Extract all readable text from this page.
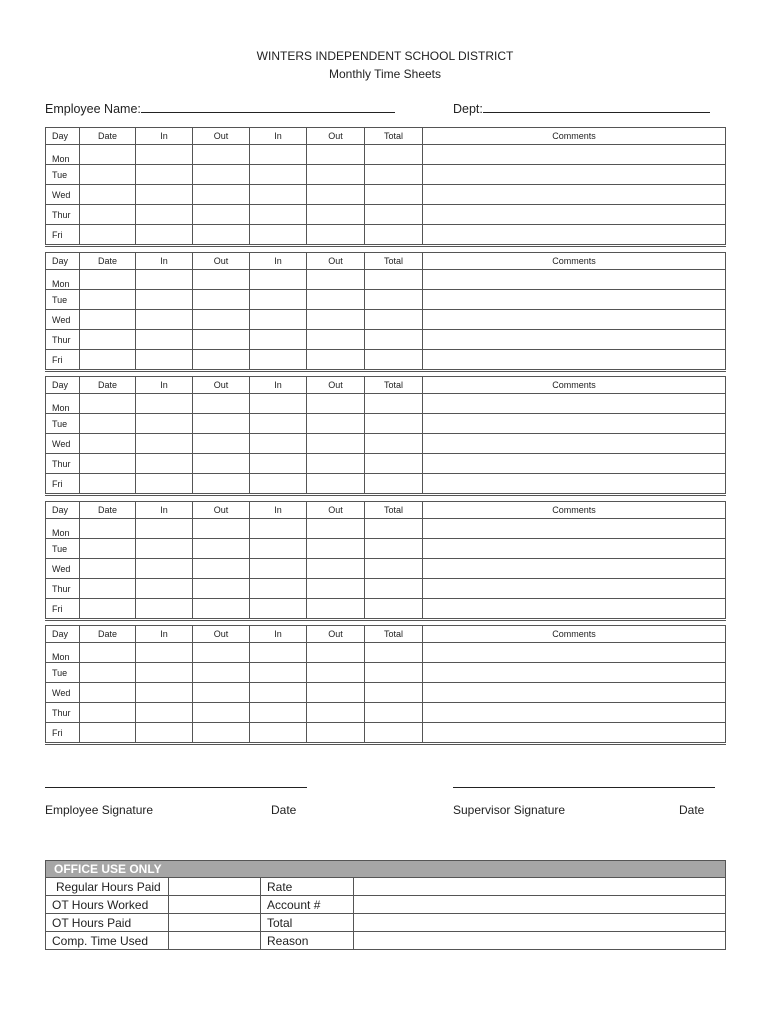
WINTERS INDEPENDENT SCHOOL DISTRICT
Monthly Time Sheets
Employee Name:	Dept:
Day	Date	In	Out	In	Out	Total	Comments
Mon							
Tue							
Wed							
Thur							
Fri							
Day	Date	In	Out	In	Out	Total	Comments
Mon							
Tue							
Wed							
Thur							
Fri							
Day	Date	In	Out	In	Out	Total	Comments
Mon							
Tue							
Wed							
Thur							
Fri							
Day	Date	In	Out	In	Out	Total	Comments
Mon							
Tue							
Wed							
Thur							
Fri							
Day	Date	In	Out	In	Out	Total	Comments
Mon							
Tue							
Wed							
Thur							
Fri							
Employee Signature	Date	Supervisor Signature	Date
OFFICE USE ONLY			
Regular Hours Paid		Rate	
OT Hours Worked		Account #	
OT Hours Paid		Total	
Comp. Time Used		Reason	
